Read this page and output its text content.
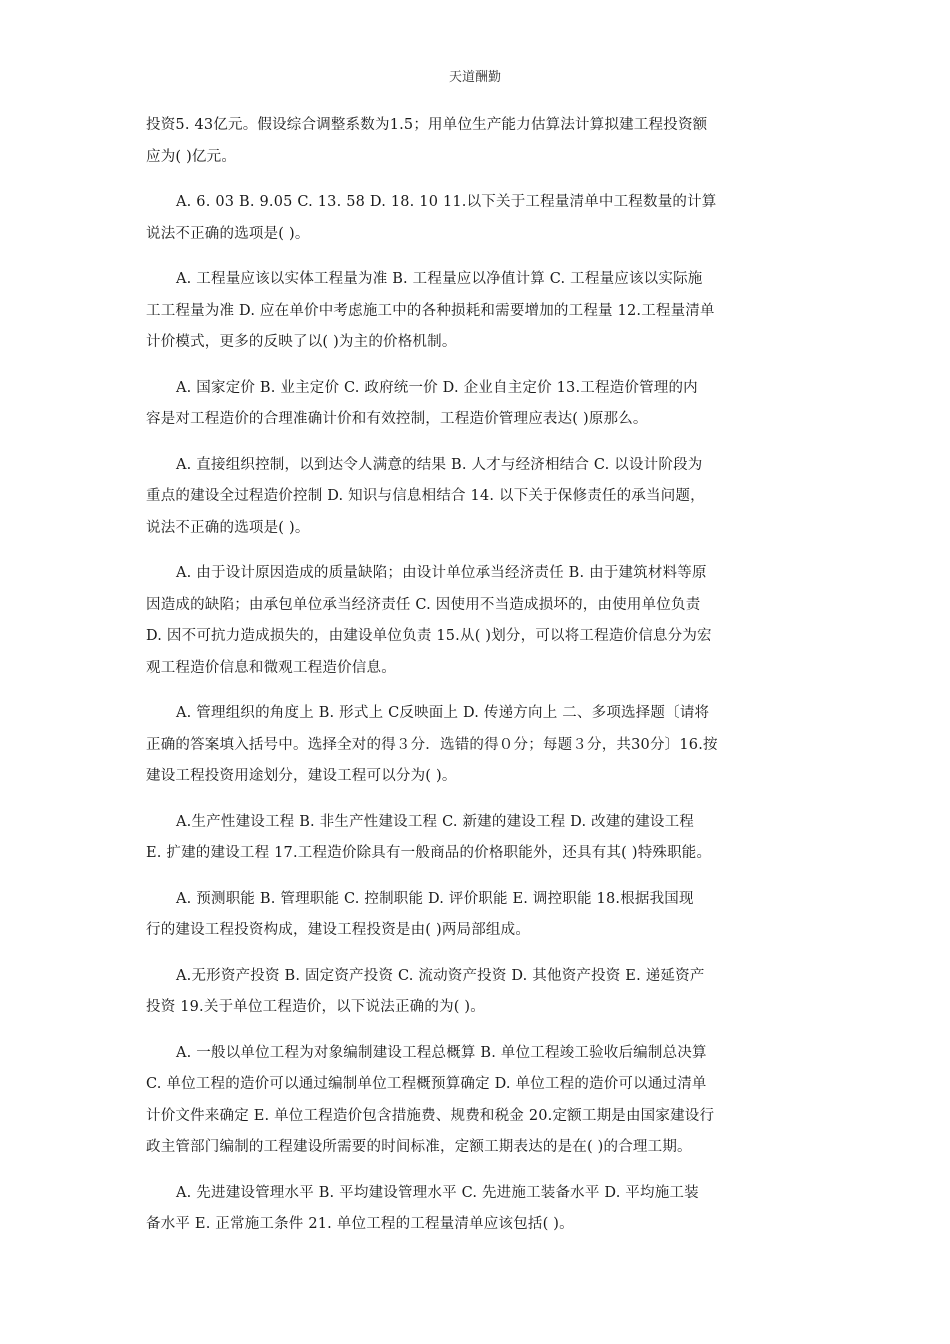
天道酬勤

投资5. 43亿元。假设综合调整系数为1.5；用单位生产能力估算法计算拟建工程投资额
应为( )亿元。

A. 6. 03 B. 9.05 C. 13. 58 D. 18. 10 11.以下关于工程量清单中工程数量的计算
说法不正确的选项是( )。

A. 工程量应该以实体工程量为准 B. 工程量应以净值计算 C. 工程量应该以实际施
工工程量为准 D. 应在单价中考虑施工中的各种损耗和需要增加的工程量 12.工程量清单
计价模式，更多的反映了以( )为主的价格机制。

A. 国家定价 B. 业主定价 C. 政府统一价 D. 企业自主定价 13.工程造价管理的内
容是对工程造价的合理准确计价和有效控制，工程造价管理应表达( )原那么。

A. 直接组织控制，以到达令人满意的结果 B. 人才与经济相结合 C. 以设计阶段为
重点的建设全过程造价控制 D. 知识与信息相结合 14. 以下关于保修责任的承当问题，
说法不正确的选项是( )。

A. 由于设计原因造成的质量缺陷；由设计单位承当经济责任 B. 由于建筑材料等原
因造成的缺陷；由承包单位承当经济责任 C. 因使用不当造成损坏的，由使用单位负责
D. 因不可抗力造成损失的，由建设单位负责 15.从( )划分，可以将工程造价信息分为宏
观工程造价信息和微观工程造价信息。

A. 管理组织的角度上 B. 形式上 C反映面上 D. 传递方向上 二、多项选择题〔请将
正确的答案填入括号中。选择全对的得３分．选错的得０分；每题３分，共30分〕16.按
建设工程投资用途划分，建设工程可以分为( )。

A.生产性建设工程 B. 非生产性建设工程 C. 新建的建设工程 D. 改建的建设工程
E. 扩建的建设工程 17.工程造价除具有一般商品的价格职能外，还具有其( )特殊职能。

A. 预测职能 B. 管理职能 C. 控制职能 D. 评价职能 E. 调控职能 18.根据我国现
行的建设工程投资构成，建设工程投资是由( )两局部组成。

A.无形资产投资 B. 固定资产投资 C. 流动资产投资 D. 其他资产投资 E. 递延资产
投资 19.关于单位工程造价，以下说法正确的为( )。

A. 一般以单位工程为对象编制建设工程总概算 B. 单位工程竣工验收后编制总决算
C. 单位工程的造价可以通过编制单位工程概预算确定 D. 单位工程的造价可以通过清单
计价文件来确定 E. 单位工程造价包含措施费、规费和税金 20.定额工期是由国家建设行
政主管部门编制的工程建设所需要的时间标准，定额工期表达的是在( )的合理工期。

A. 先进建设管理水平 B. 平均建设管理水平 C. 先进施工装备水平 D. 平均施工装
备水平 E. 正常施工条件 21. 单位工程的工程量清单应该包括( )。
